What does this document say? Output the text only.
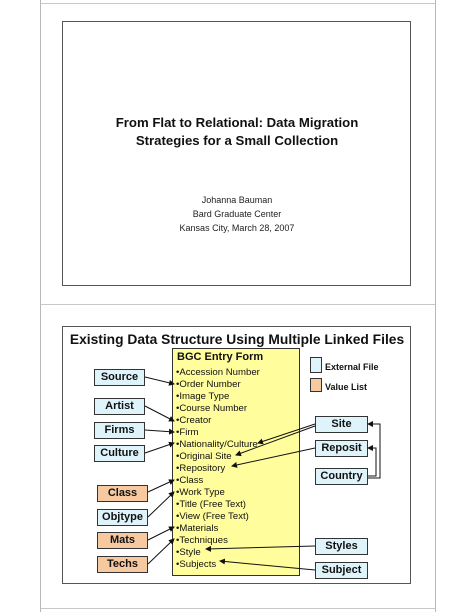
From Flat to Relational: Data Migration
Strategies for a Small Collection
Johanna Bauman
Bard Graduate Center
Kansas City, March 28, 2007
Existing Data Structure Using Multiple Linked Files
BGC Entry Form
•Accession Number
•Order Number
•Image Type
•Course Number
•Creator
•Firm
•Nationality/Culture
•Original Site
•Repository
•Class
•Work Type
•Title (Free Text)
•View (Free Text)
•Materials
•Techniques
•Style
•Subjects
External File
Value List
Source
Artist
Firms
Culture
Class
Objtype
Mats
Techs
Site
Reposit
Country
Styles
Subject
